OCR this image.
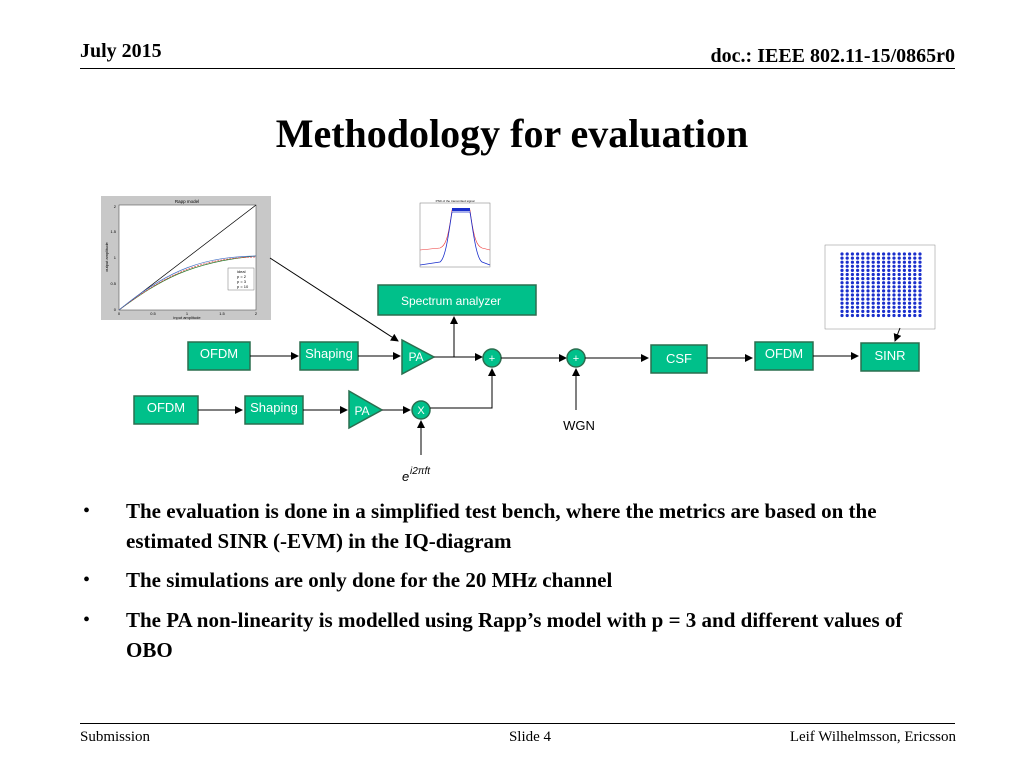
July 2015	doc.: IEEE 802.11-15/0865r0
Methodology for evaluation
Rapp model
ideal
p = 2
p = 3
p = 10
0	0.5	1	1.5	2
0
0.5
1
1.5
2
input amplitude
output amplitude
PSD of the transmitted signal
Spectrum analyzer
OFDM	Shaping	PA	+	+	CSF	OFDM	SINR
OFDM	Shaping	PA	X
WGN
e i2πft
• The evaluation is done in a simplified test bench, where the metrics are based on the estimated SINR (-EVM) in the IQ-diagram
• The simulations are only done for the 20 MHz channel
• The PA non-linearity is modelled using Rapp’s model with p = 3 and different values of OBO
Submission	Slide 4	Leif Wilhelmsson, Ericsson
